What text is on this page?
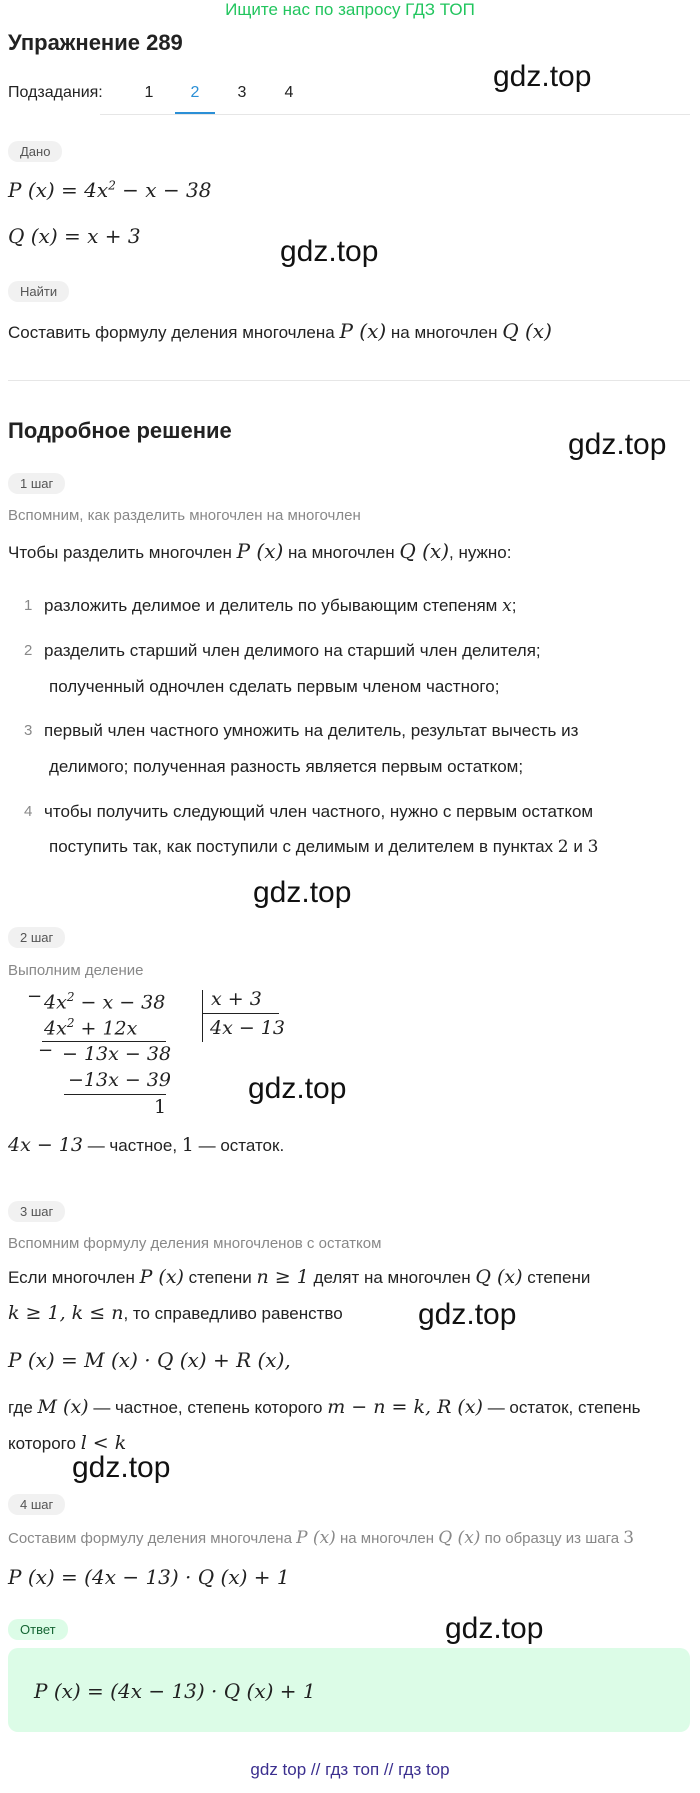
Ищите нас по запросу ГДЗ ТОП
Упражнение 289
Подзадания:	1	2	3	4	gdz.top
gdz.top
gdz.top
gdz.top
gdz.top
gdz.top
gdz.top
gdz.top
Дано
P $(x) = 4x^2 - x - 38$
Q (x) = x + 3
Найти
Составить формулу деления многочлена P (x) на многочлен Q (x)
Подробное решение
1 шаг
Вспомним, как разделить многочлен на многочлен
Чтобы разделить многочлен P (x) на многочлен Q (x), нужно:
1 разложить делимое и делитель по убывающим степеням x;
2 разделить старший член делимого на старший член делителя;
полученный одночлен сделать первым членом частного;
3 первый член частного умножить на делитель, результат вычесть из
делимого; полученная разность является первым остатком;
4 чтобы получить следующий член частного, нужно с первым остатком
поступить так, как поступили с делимым и делителем в пунктах 2 и 3
2 шаг
Выполним деление
− $4x^2 - x - 38$
$4x^2 + 12x$
− − 13x − 38
−13x − 39
1
x + 3
4x − 13
4x − 13 — частное, 1 — остаток.
3 шаг
Вспомним формулу деления многочленов с остатком
Если многочлен P (x) степени n ≥ 1 делят на многочлен Q (x) степени
k ≥ 1, k ≤ n, то справедливо равенство
P (x) = M (x) · Q (x) + R (x),
где M (x) — частное, степень которого m − n = k, R (x) — остаток, степень
которого l < k
4 шаг
Составим формулу деления многочлена P (x) на многочлен Q (x) по образцу из шага 3
P (x) = (4x − 13) · Q (x) + 1
Ответ
P (x) = (4x − 13) · Q (x) + 1
gdz top // гдз топ // гдз top
